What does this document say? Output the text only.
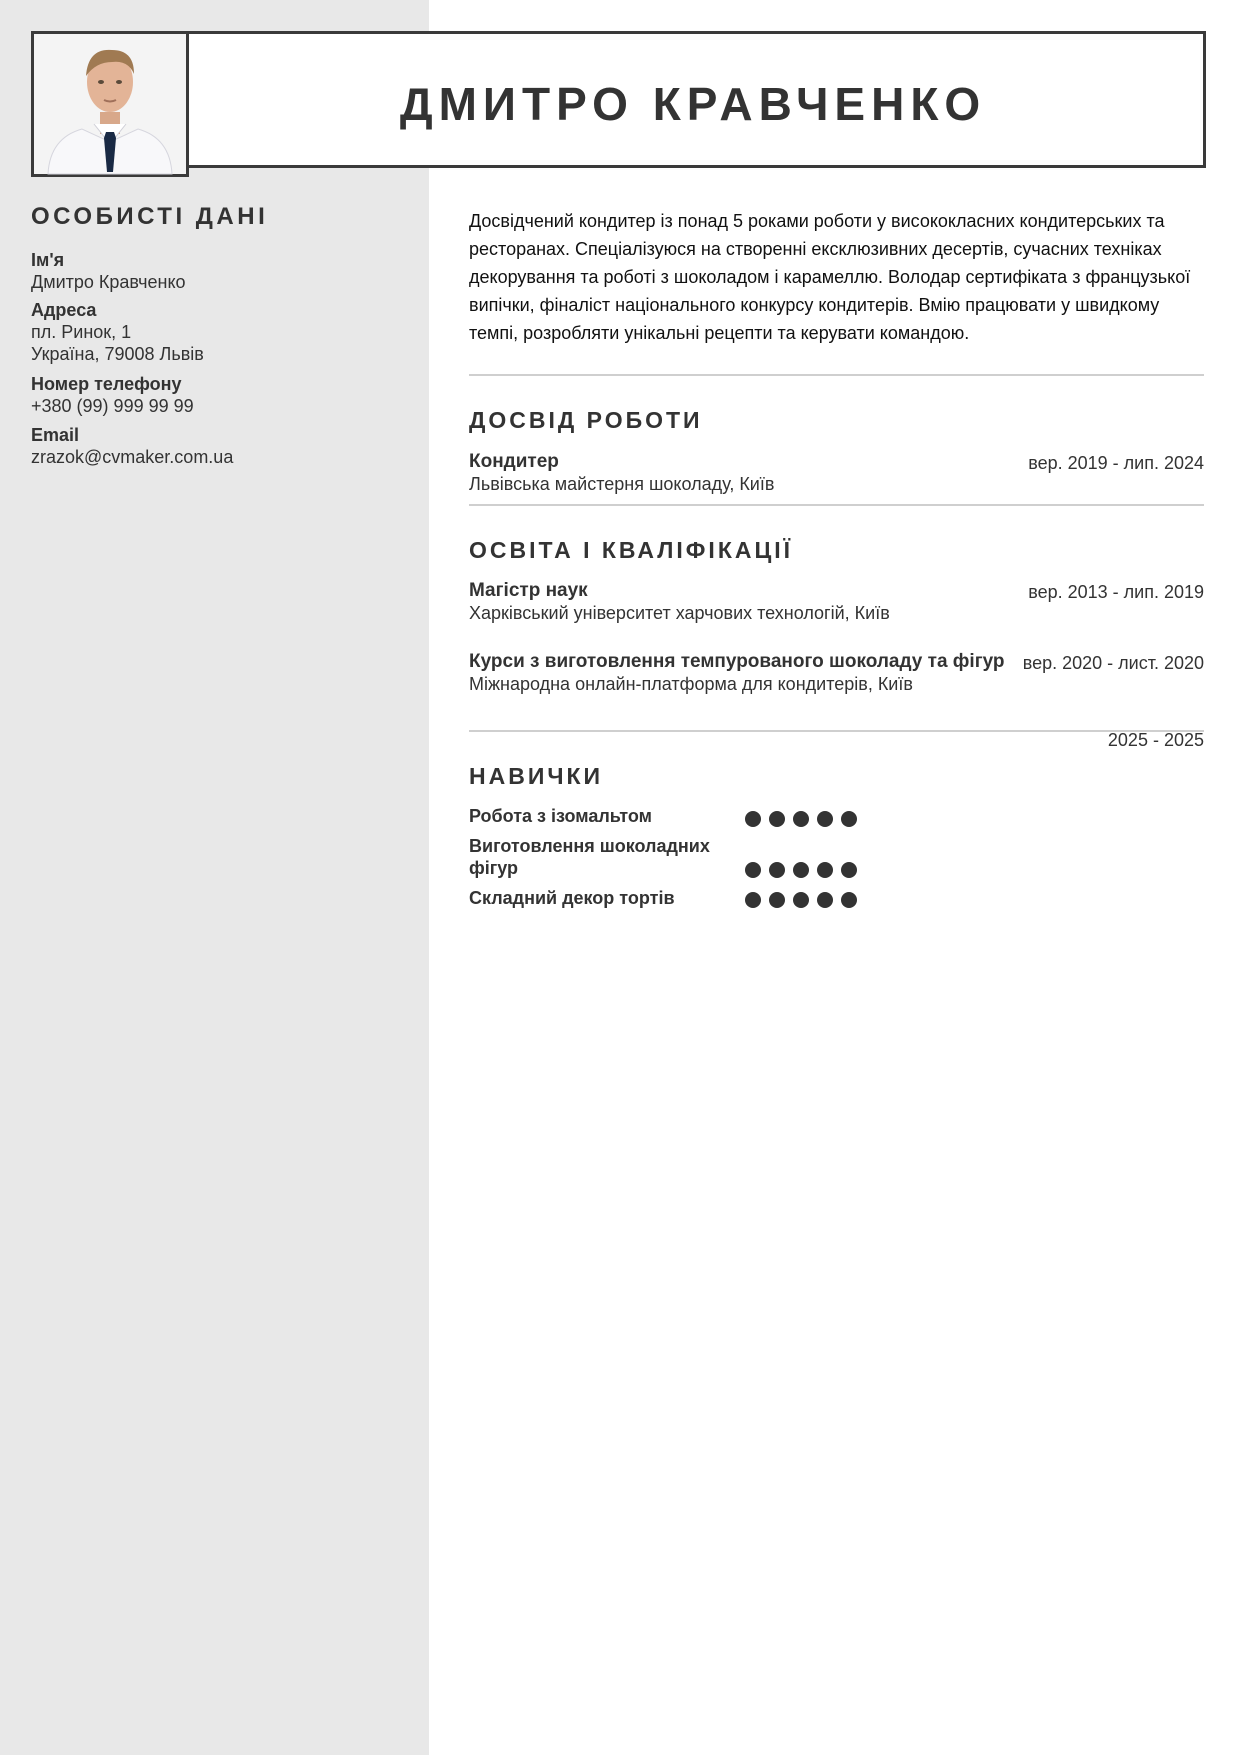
ДМИТРО КРАВЧЕНКО
ОСОБИСТІ ДАНІ
Ім'я
Дмитро Кравченко
Адреса
пл. Ринок, 1
Україна, 79008 Львів
Номер телефону
+380 (99) 999 99 99
Email
zrazok@cvmaker.com.ua

Досвідчений кондитер із понад 5 роками роботи у висококласних кондитерських та ресторанах. Спеціалізуюся на створенні ексклюзивних десертів, сучасних техніках декорування та роботі з шоколадом і карамеллю. Володар сертифіката з французької випічки, фіналіст національного конкурсу кондитерів. Вмію працювати у швидкому темпі, розробляти унікальні рецепти та керувати командою.

ДОСВІД РОБОТИ
Кондитер
Львівська майстерня шоколаду, Київ
вер. 2019 - лип. 2024
ОСВІТА І КВАЛІФІКАЦІЇ
Магістр наук
Харківський університет харчових технологій, Київ
вер. 2013 - лип. 2019
Курси з виготовлення темпурованого шоколаду та фігур
Міжнародна онлайн-платформа для кондитерів, Київ
вер. 2020 - лист. 2020
2025 - 2025
НАВИЧКИ
Робота з ізомальтом
Виготовлення шоколадних фігур
Складний декор тортів
